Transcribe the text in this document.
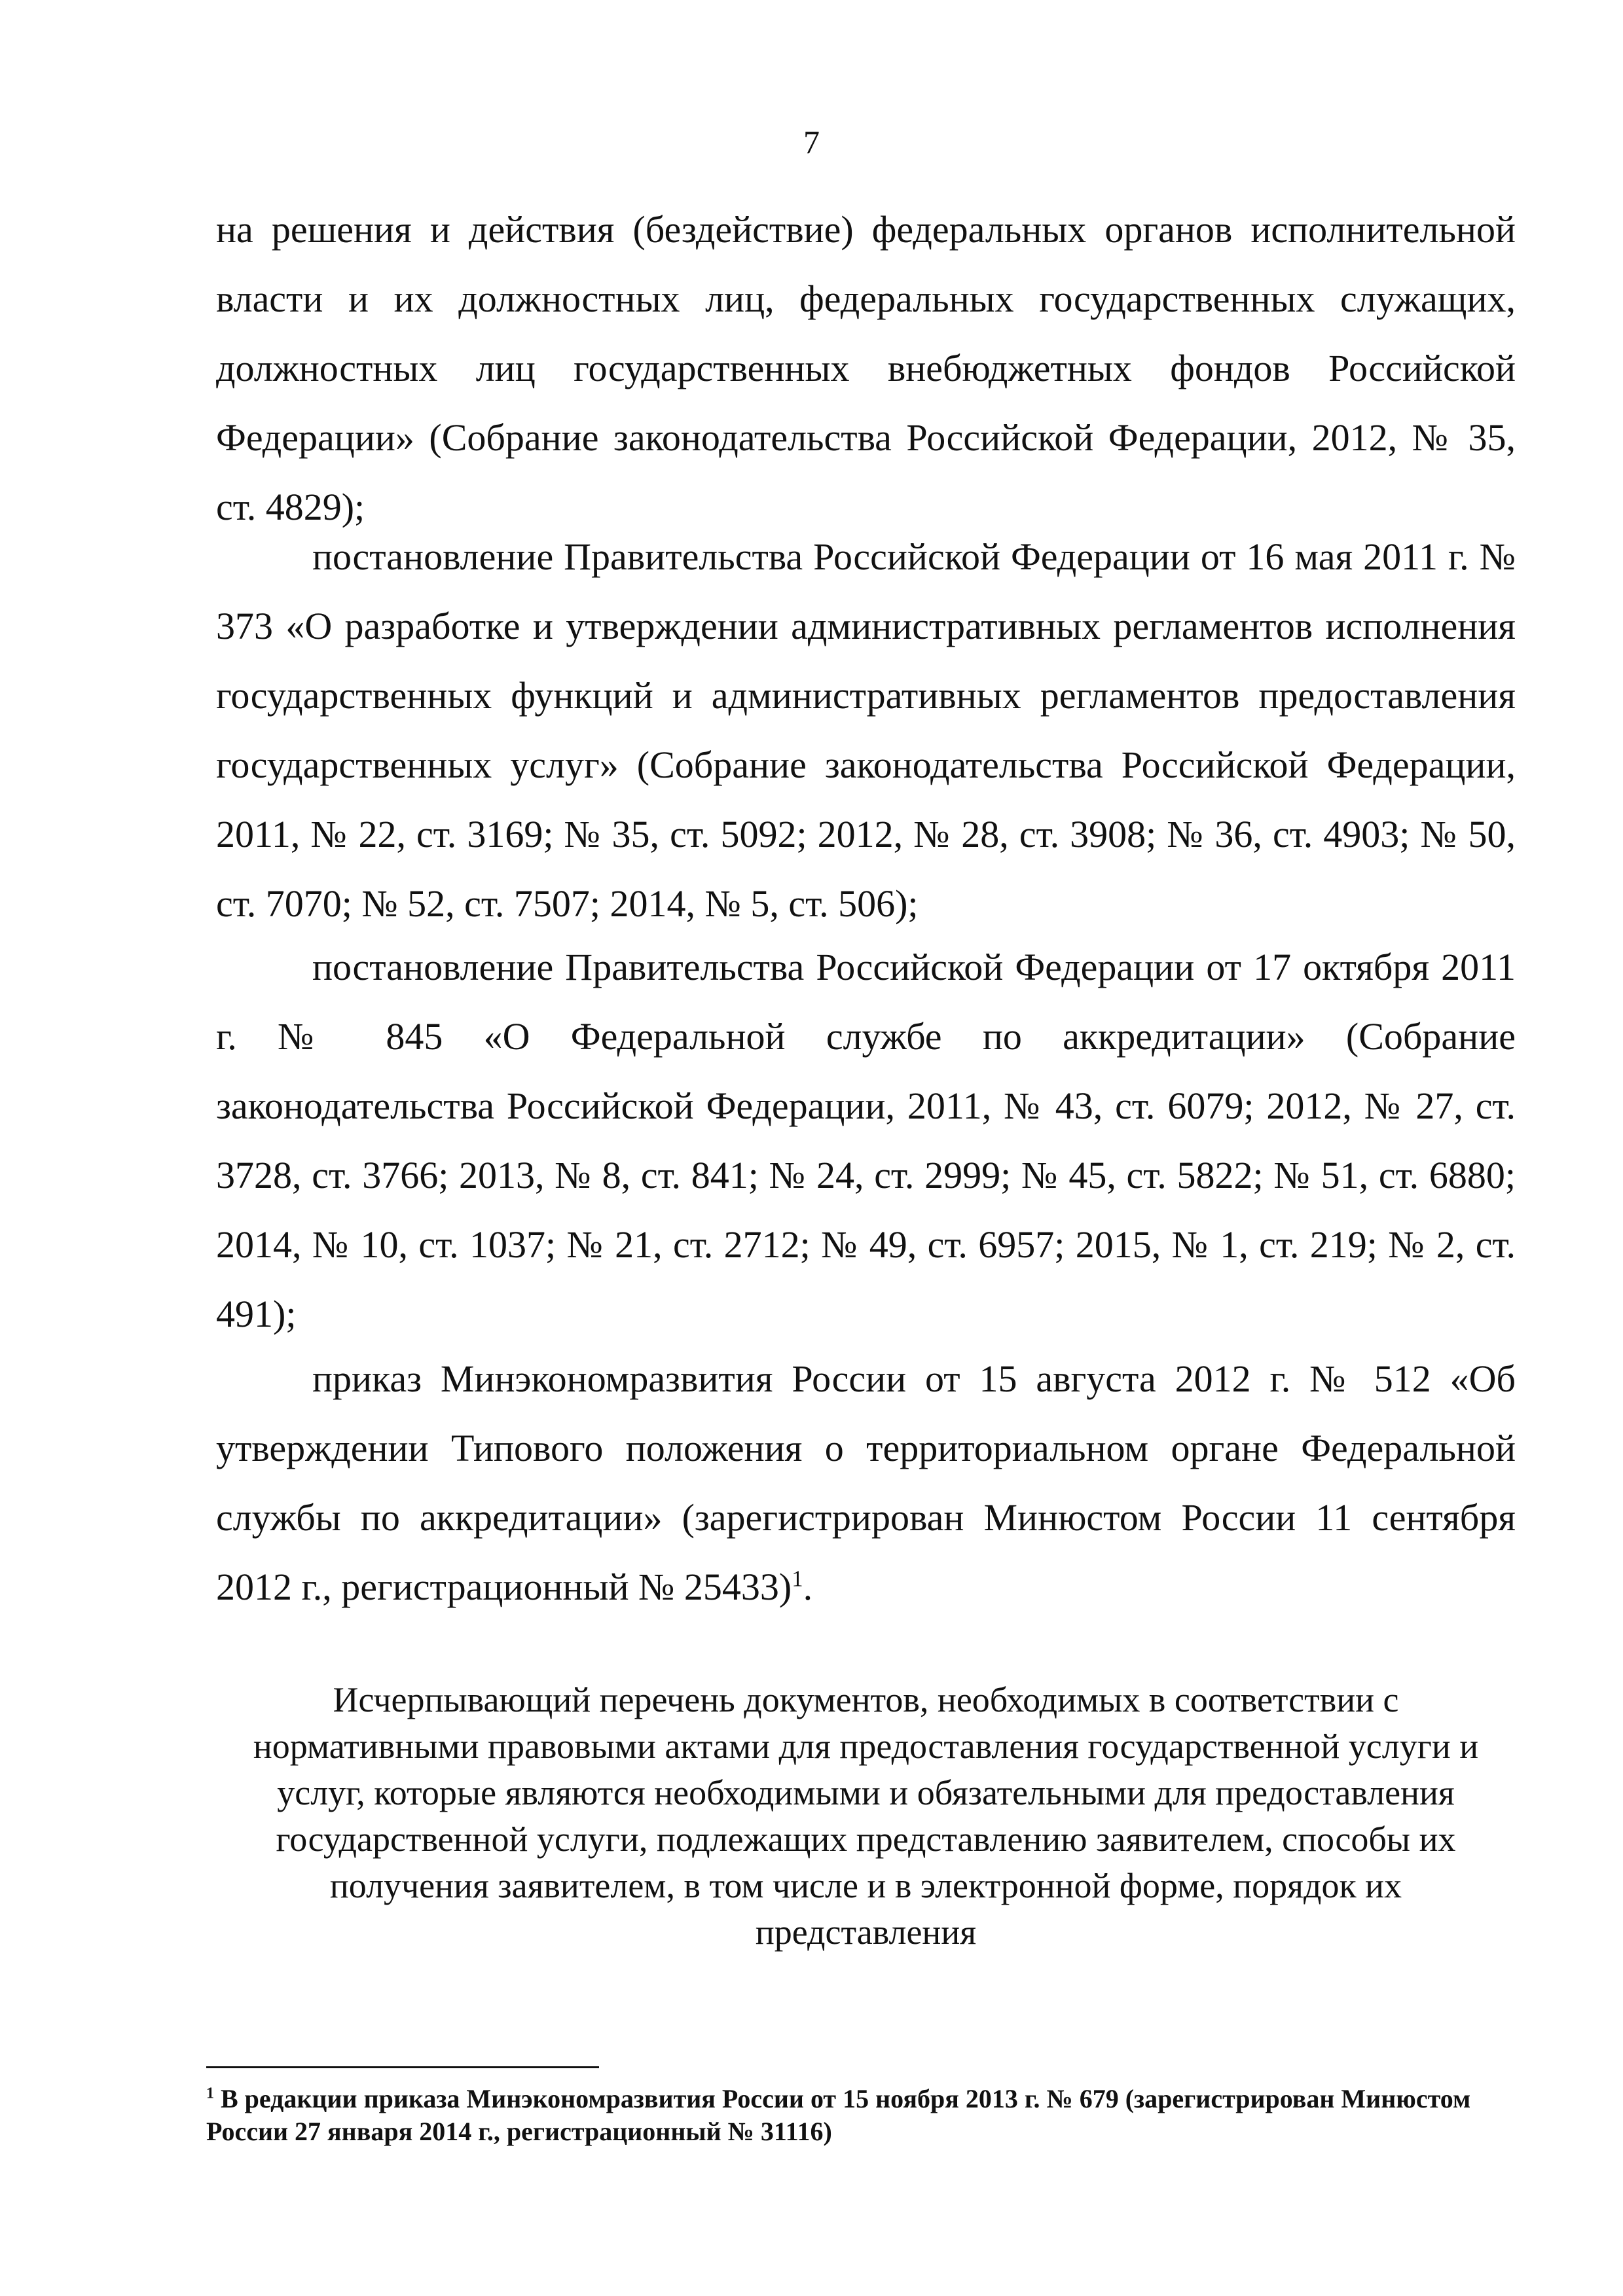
7

на решения и действия (бездействие) федеральных органов исполнительной власти и их должностных лиц, федеральных государственных служащих, должностных лиц государственных внебюджетных фондов Российской Федерации» (Собрание законодательства Российской Федерации, 2012, № 35, ст. 4829);

постановление Правительства Российской Федерации от 16 мая 2011 г. № 373 «О разработке и утверждении административных регламентов исполнения государственных функций и административных регламентов предоставления государственных услуг» (Собрание законодательства Российской Федерации, 2011, № 22, ст. 3169; № 35, ст. 5092; 2012, № 28, ст. 3908; № 36, ст. 4903; № 50, ст. 7070; № 52, ст. 7507; 2014, № 5, ст. 506);

постановление Правительства Российской Федерации от 17 октября 2011 г. № 845 «О Федеральной службе по аккредитации» (Собрание законодательства Российской Федерации, 2011, № 43, ст. 6079; 2012, № 27, ст. 3728, ст. 3766; 2013, № 8, ст. 841; № 24, ст. 2999; № 45, ст. 5822; № 51, ст. 6880; 2014, № 10, ст. 1037; № 21, ст. 2712; № 49, ст. 6957; 2015, № 1, ст. 219; № 2, ст. 491);

приказ Минэкономразвития России от 15 августа 2012 г. № 512 «Об утверждении Типового положения о территориальном органе Федеральной службы по аккредитации» (зарегистрирован Минюстом России 11 сентября 2012 г., регистрационный № 25433)$^1$.

Исчерпывающий перечень документов, необходимых в соответствии с нормативными правовыми актами для предоставления государственной услуги и услуг, которые являются необходимыми и обязательными для предоставления государственной услуги, подлежащих представлению заявителем, способы их получения заявителем, в том числе и в электронной форме, порядок их представления

$^1$ В редакции приказа Минэкономразвития России от 15 ноября 2013 г. № 679 (зарегистрирован Минюстом России 27 января 2014 г., регистрационный № 31116)
